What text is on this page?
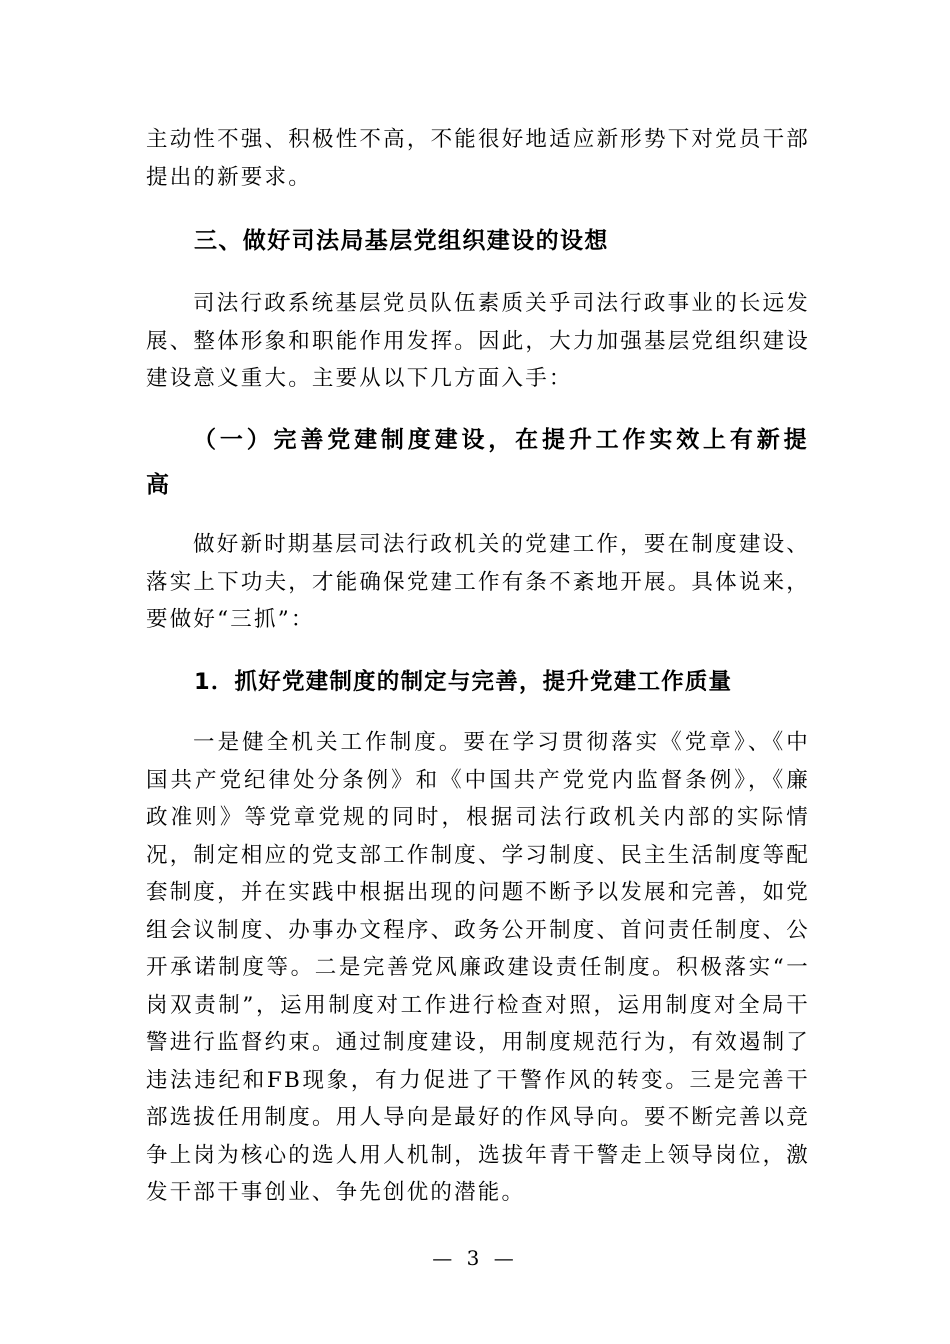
主动性不强、积极性不高，不能很好地适应新形势下对党员干部提出的新要求。

三、做好司法局基层党组织建设的设想

司法行政系统基层党员队伍素质关乎司法行政事业的长远发展、整体形象和职能作用发挥。因此，大力加强基层党组织建设建设意义重大。主要从以下几方面入手：

（一）完善党建制度建设，在提升工作实效上有新提高

做好新时期基层司法行政机关的党建工作，要在制度建设、落实上下功夫，才能确保党建工作有条不紊地开展。具体说来，要做好“三抓”：

1．抓好党建制度的制定与完善，提升党建工作质量

一是健全机关工作制度。要在学习贯彻落实《党章》、《中国共产党纪律处分条例》和《中国共产党党内监督条例》，《廉政准则》等党章党规的同时，根据司法行政机关内部的实际情况，制定相应的党支部工作制度、学习制度、民主生活制度等配套制度，并在实践中根据出现的问题不断予以发展和完善，如党组会议制度、办事办文程序、政务公开制度、首问责任制度、公开承诺制度等。二是完善党风廉政建设责任制度。积极落实“一岗双责制”，运用制度对工作进行检查对照，运用制度对全局干警进行监督约束。通过制度建设，用制度规范行为，有效遏制了违法违纪和FB现象，有力促进了干警作风的转变。三是完善干部选拔任用制度。用人导向是最好的作风导向。要不断完善以竞争上岗为核心的选人用人机制，选拔年青干警走上领导岗位，激发干部干事创业、争先创优的潜能。

— 3 —
